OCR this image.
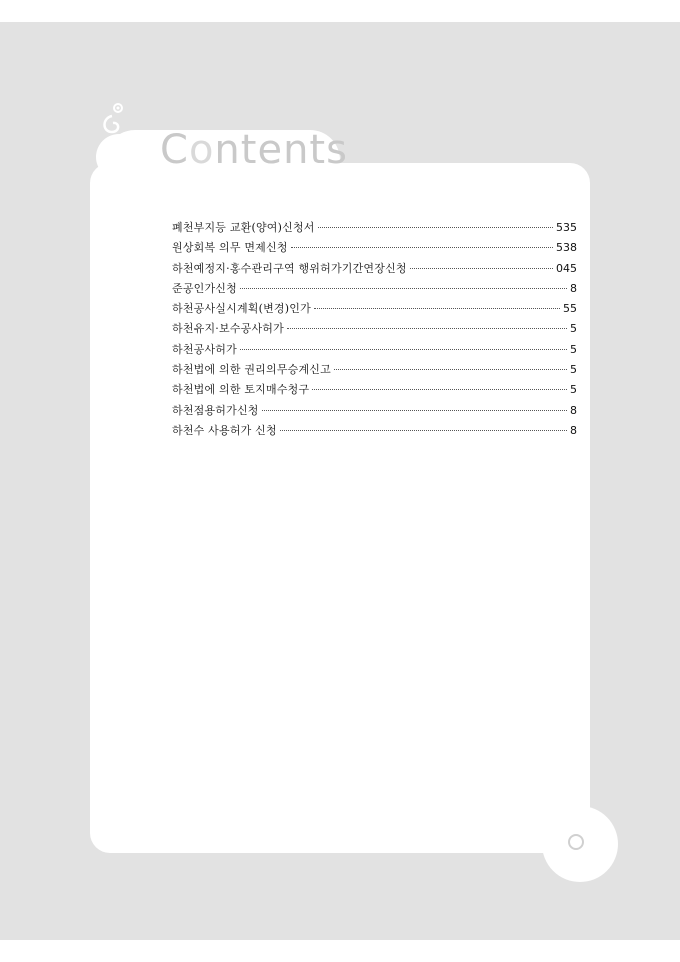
Contents
폐천부지등 교환(양여)신청서	535
원상회복 의무 면제신청	538
하천예정지·홍수관리구역 행위허가기간연장신청	045
준공인가신청	8
하천공사실시계획(변경)인가	55
하천유지·보수공사허가	5
하천공사허가	5
하천법에 의한 권리의무승계신고	5
하천법에 의한 토지매수청구	5
하천점용허가신청	8
하천수 사용허가 신청	8
